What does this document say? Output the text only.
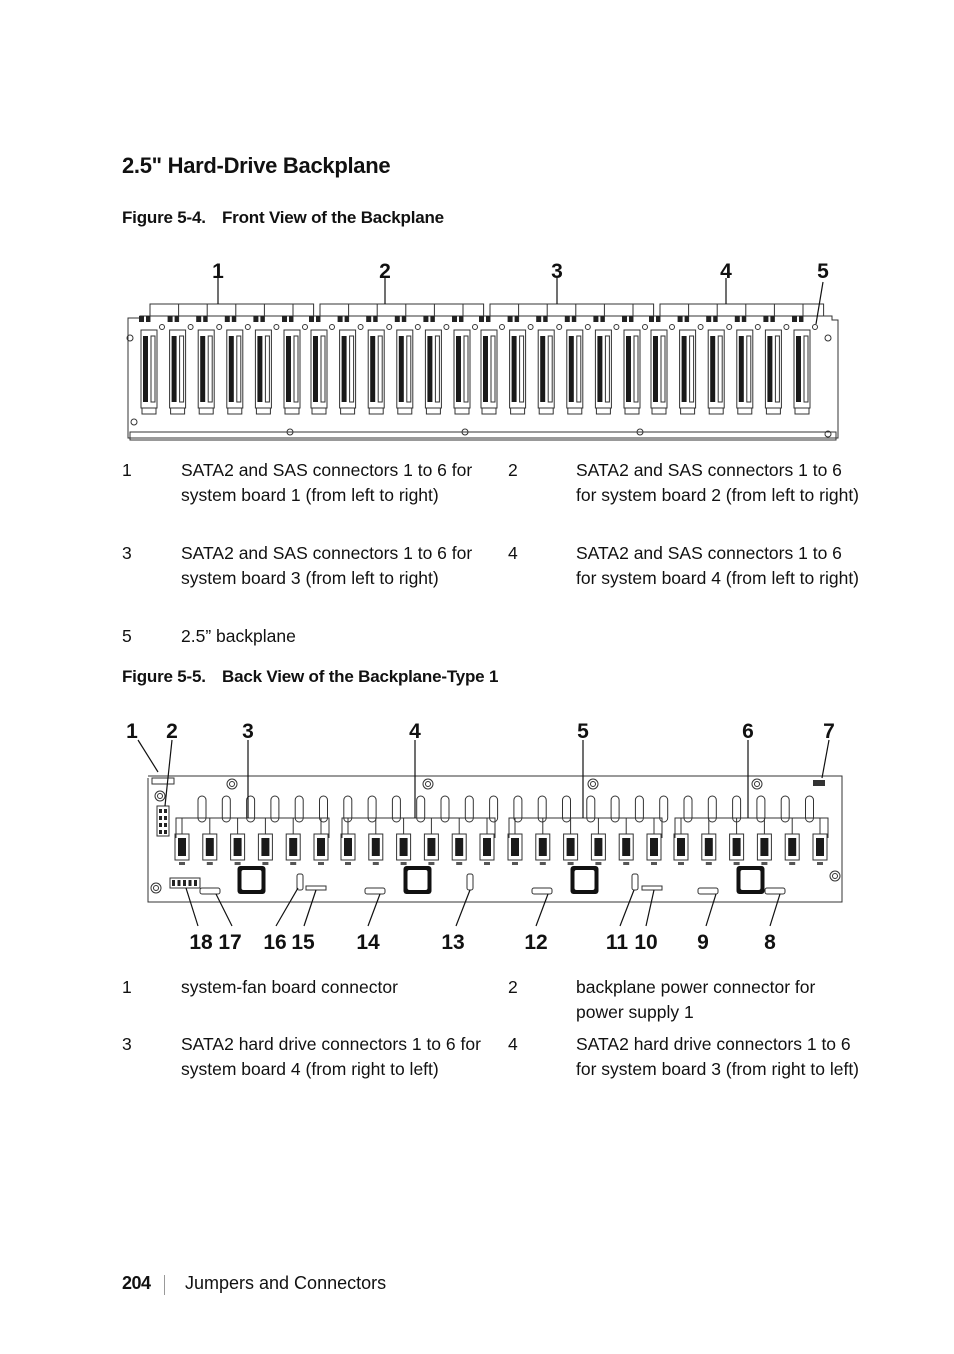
2.5" Hard-Drive Backplane
Figure 5-4. Front View of the Backplane
1	2	3	4	5
1	SATA2 and SAS connectors 1 to 6 for system board 1 (from left to right)
2	SATA2 and SAS connectors 1 to 6 for system board 2 (from left to right)
3	SATA2 and SAS connectors 1 to 6 for system board 3 (from left to right)
4	SATA2 and SAS connectors 1 to 6 for system board 4 (from left to right)
5	2.5” backplane
Figure 5-5. Back View of the Backplane-Type 1
1 2	3	4	5	6	7
18 17 16 15 14	13	12	11 10 9	8
1	system-fan board connector	2	backplane power connector for power supply 1
3	SATA2 hard drive connectors 1 to 6 for system board 4 (from right to left)
4	SATA2 hard drive connectors 1 to 6 for system board 3 (from right to left)
204 Jumpers and Connectors
